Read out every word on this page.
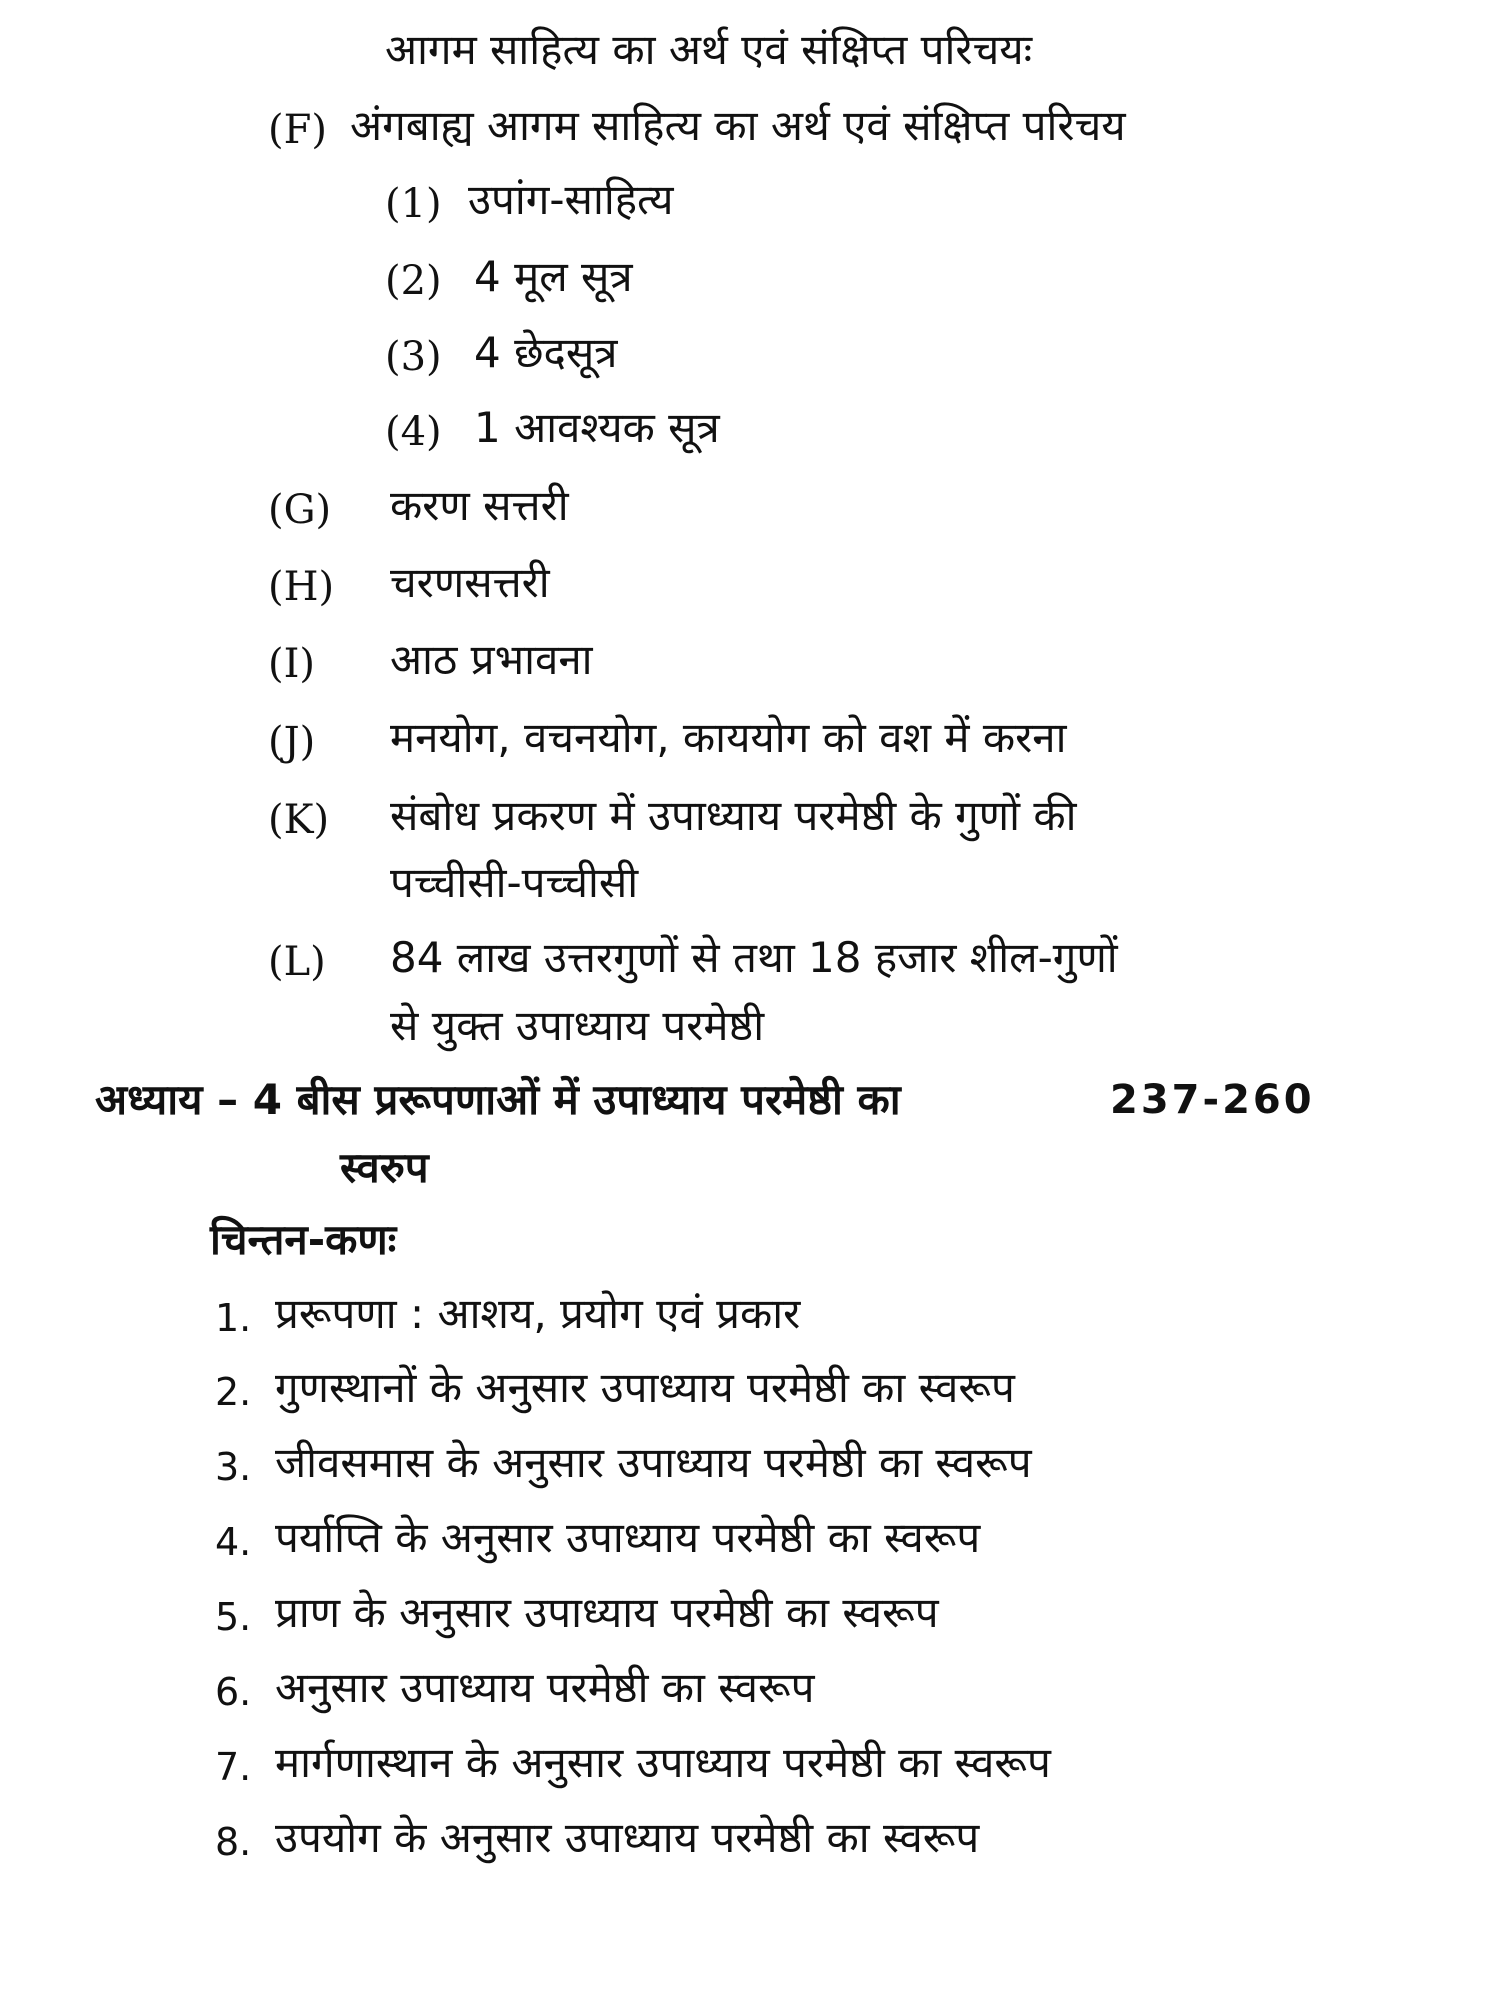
आगम साहित्य का अर्थ एवं संक्षिप्त परिचयः
(F) अंगबाह्य आगम साहित्य का अर्थ एवं संक्षिप्त परिचय
(1) उपांग-साहित्य
(2) 4 मूल सूत्र
(3) 4 छेदसूत्र
(4) 1 आवश्यक सूत्र
(G) करण सत्तरी
(H) चरणसत्तरी
(I) आठ प्रभावना
(J) मनयोग, वचनयोग, काययोग को वश में करना
(K) संबोध प्रकरण में उपाध्याय परमेष्ठी के गुणों की
पच्चीसी-पच्चीसी
(L) 84 लाख उत्तरगुणों से तथा 18 हजार शील-गुणों
से युक्त उपाध्याय परमेष्ठी
अध्याय – 4 बीस प्ररूपणाओं में उपाध्याय परमेष्ठी का	237-260
स्वरुप
चिन्तन-कणः
1. प्ररूपणा : आशय, प्रयोग एवं प्रकार
2. गुणस्थानों के अनुसार उपाध्याय परमेष्ठी का स्वरूप
3. जीवसमास के अनुसार उपाध्याय परमेष्ठी का स्वरूप
4. पर्याप्ति के अनुसार उपाध्याय परमेष्ठी का स्वरूप
5. प्राण के अनुसार उपाध्याय परमेष्ठी का स्वरूप
6. अनुसार उपाध्याय परमेष्ठी का स्वरूप
7. मार्गणास्थान के अनुसार उपाध्याय परमेष्ठी का स्वरूप
8. उपयोग के अनुसार उपाध्याय परमेष्ठी का स्वरूप
